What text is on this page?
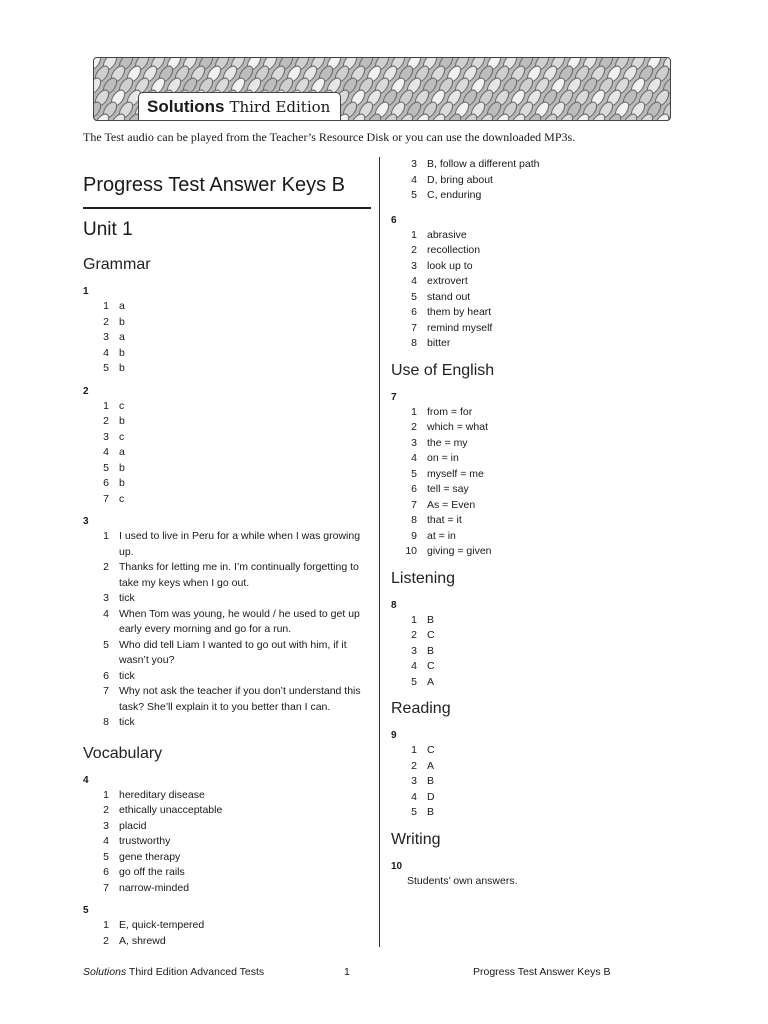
Solutions Third Edition
The Test audio can be played from the Teacher’s Resource Disk or you can use the downloaded MP3s.
Progress Test Answer Keys B
Unit 1
Grammar
1
1 a
2 b
3 a
4 b
5 b
2
1 c
2 b
3 c
4 a
5 b
6 b
7 c
3
1 I used to live in Peru for a while when I was growing up.
2 Thanks for letting me in. I’m continually forgetting to take my keys when I go out.
3 tick
4 When Tom was young, he would / he used to get up early every morning and go for a run.
5 Who did tell Liam I wanted to go out with him, if it wasn’t you?
6 tick
7 Why not ask the teacher if you don’t understand this task? She’ll explain it to you better than I can.
8 tick
Vocabulary
4
1 hereditary disease
2 ethically unacceptable
3 placid
4 trustworthy
5 gene therapy
6 go off the rails
7 narrow-minded
5
1 E, quick-tempered
2 A, shrewd
3 B, follow a different path
4 D, bring about
5 C, enduring
6
1 abrasive
2 recollection
3 look up to
4 extrovert
5 stand out
6 them by heart
7 remind myself
8 bitter
Use of English
7
1 from = for
2 which = what
3 the = my
4 on = in
5 myself = me
6 tell = say
7 As = Even
8 that = it
9 at = in
10 giving = given
Listening
8
1 B
2 C
3 B
4 C
5 A
Reading
9
1 C
2 A
3 B
4 D
5 B
Writing
10
Students’ own answers.
Solutions Third Edition Advanced Tests	1	Progress Test Answer Keys B
